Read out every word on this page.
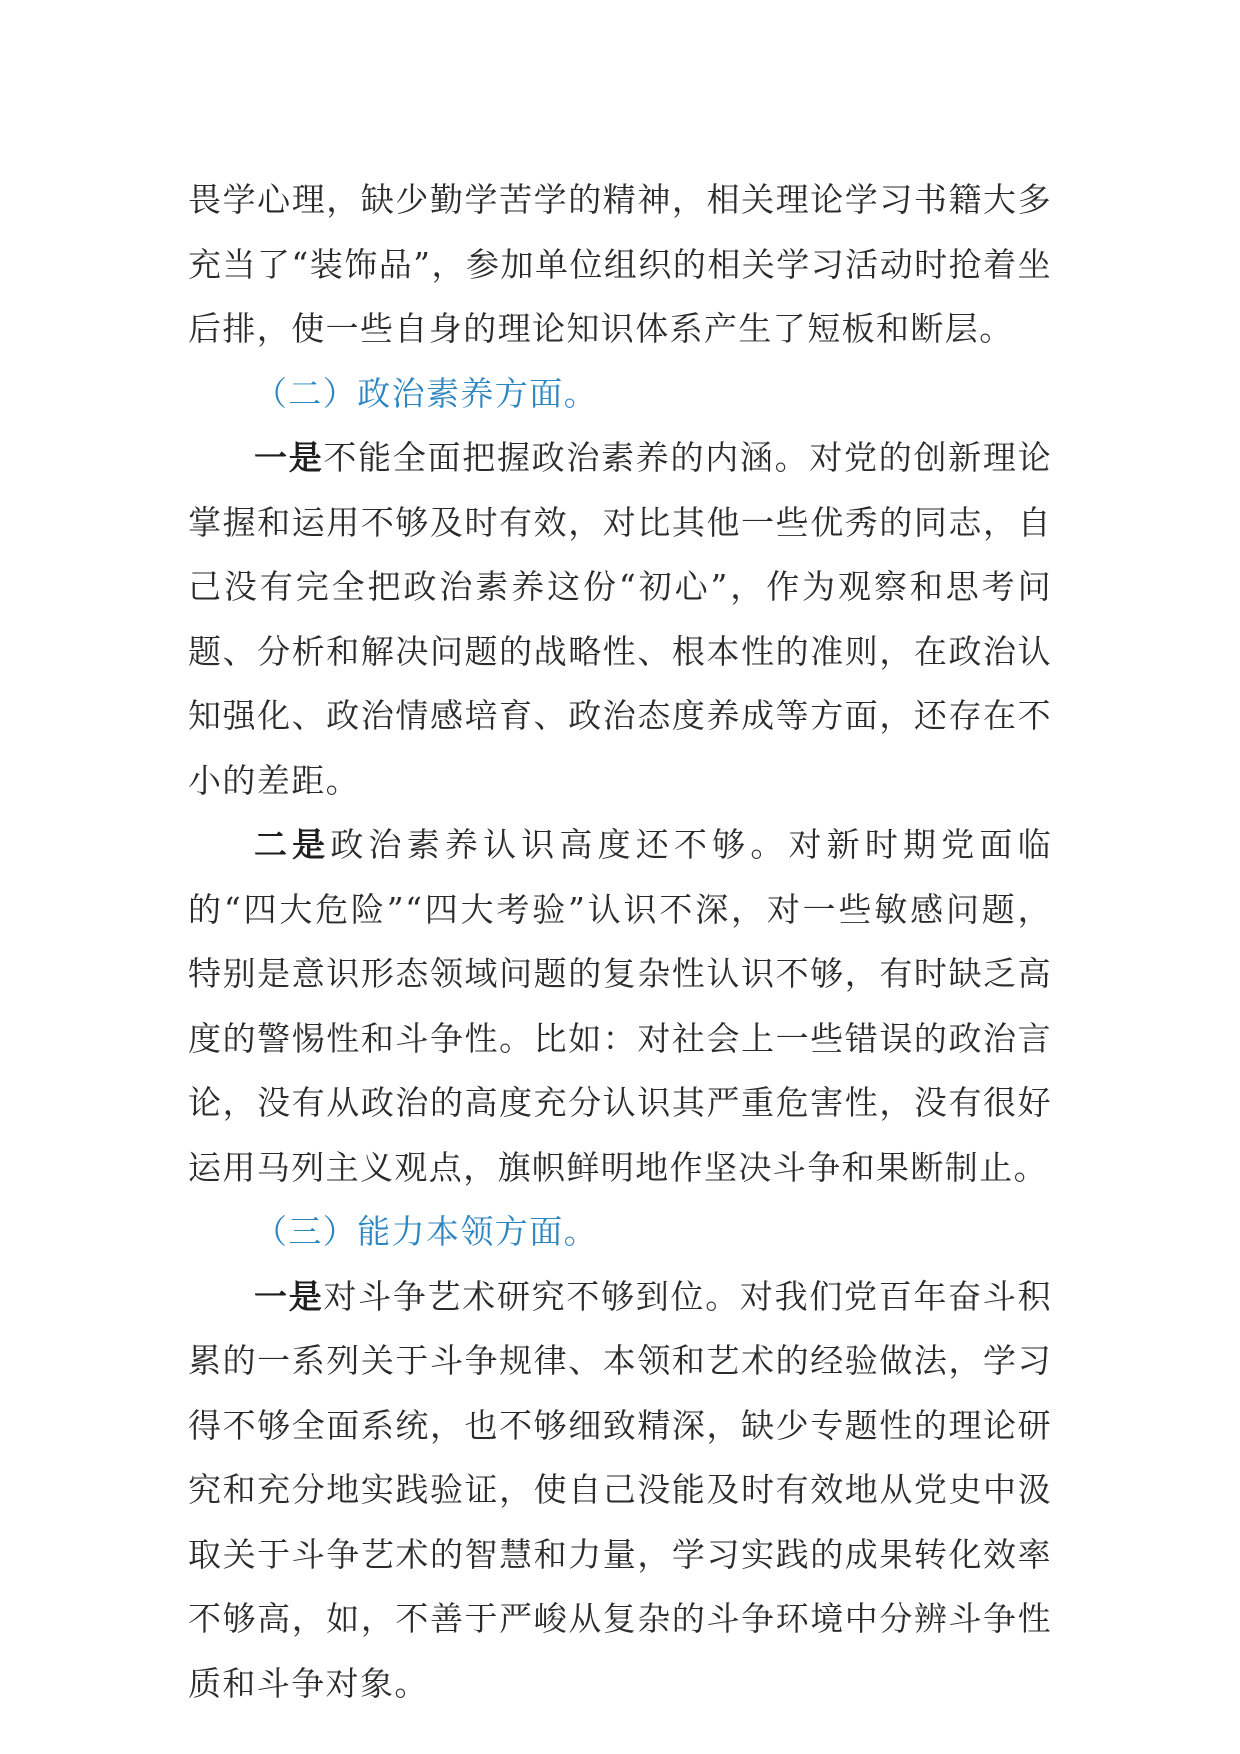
畏学心理，缺少勤学苦学的精神，相关理论学习书籍大多充当了“装饰品”，参加单位组织的相关学习活动时抢着坐后排，使一些自身的理论知识体系产生了短板和断层。

（二）政治素养方面。

一是不能全面把握政治素养的内涵。对党的创新理论掌握和运用不够及时有效，对比其他一些优秀的同志，自己没有完全把政治素养这份“初心”，作为观察和思考问题、分析和解决问题的战略性、根本性的准则，在政治认知强化、政治情感培育、政治态度养成等方面，还存在不小的差距。

二是政治素养认识高度还不够。对新时期党面临的“四大危险”“四大考验”认识不深，对一些敏感问题，特别是意识形态领域问题的复杂性认识不够，有时缺乏高度的警惕性和斗争性。比如：对社会上一些错误的政治言论，没有从政治的高度充分认识其严重危害性，没有很好运用马列主义观点，旗帜鲜明地作坚决斗争和果断制止。

（三）能力本领方面。

一是对斗争艺术研究不够到位。对我们党百年奋斗积累的一系列关于斗争规律、本领和艺术的经验做法，学习得不够全面系统，也不够细致精深，缺少专题性的理论研究和充分地实践验证，使自己没能及时有效地从党史中汲取关于斗争艺术的智慧和力量，学习实践的成果转化效率不够高，如，不善于严峻从复杂的斗争环境中分辨斗争性质和斗争对象。
